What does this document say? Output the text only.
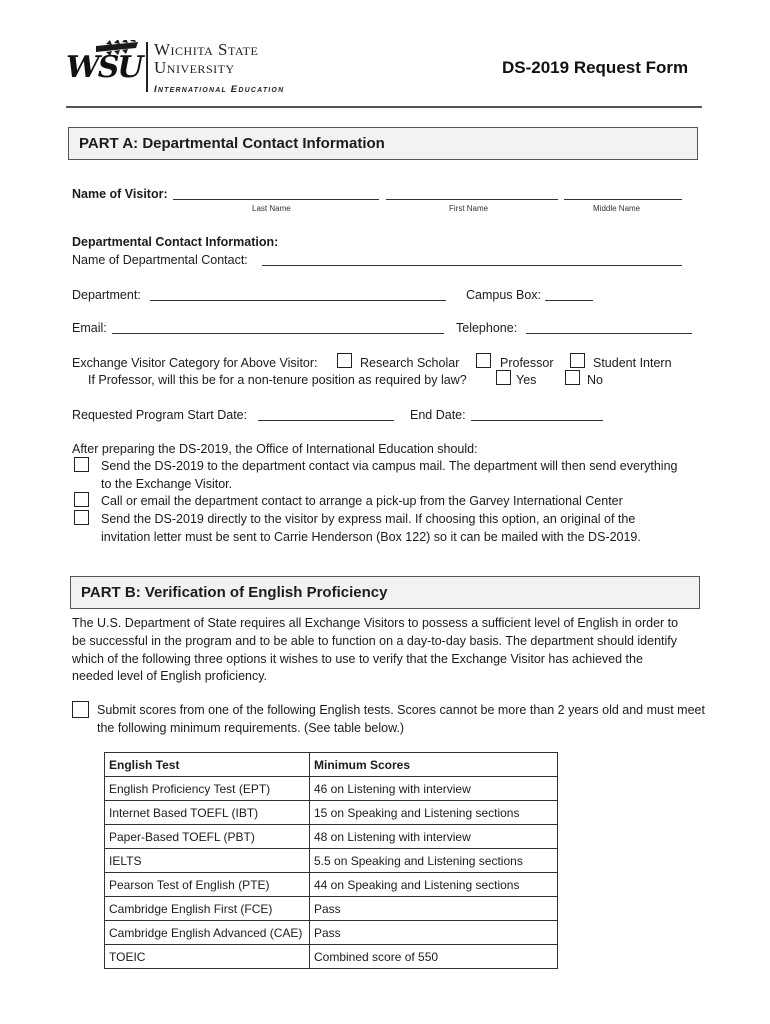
WSU
Wichita State
University
International Education
DS-2019 Request Form
PART A: Departmental Contact Information
Name of Visitor:
Last Name	First Name	Middle Name
Departmental Contact Information:
Name of Departmental Contact:
Department:	Campus Box:
Email:	Telephone:
Exchange Visitor Category for Above Visitor:	Research Scholar	Professor	Student Intern
If Professor, will this be for a non-tenure position as required by law?	Yes	No
Requested Program Start Date:	End Date:
After preparing the DS-2019, the Office of International Education should:
Send the DS-2019 to the department contact via campus mail. The department will then send everything
to the Exchange Visitor.
Call or email the department contact to arrange a pick-up from the Garvey International Center
Send the DS-2019 directly to the visitor by express mail. If choosing this option, an original of the
invitation letter must be sent to Carrie Henderson (Box 122) so it can be mailed with the DS-2019.
PART B: Verification of English Proficiency
The U.S. Department of State requires all Exchange Visitors to possess a sufficient level of English in order to
be successful in the program and to be able to function on a day-to-day basis. The department should identify
which of the following three options it wishes to use to verify that the Exchange Visitor has achieved the
needed level of English proficiency.
Submit scores from one of the following English tests. Scores cannot be more than 2 years old and must meet
the following minimum requirements. (See table below.)
English Test	Minimum Scores
English Proficiency Test (EPT)	46 on Listening with interview
Internet Based TOEFL (IBT)	15 on Speaking and Listening sections
Paper-Based TOEFL (PBT)	48 on Listening with interview
IELTS	5.5 on Speaking and Listening sections
Pearson Test of English (PTE)	44 on Speaking and Listening sections
Cambridge English First (FCE)	Pass
Cambridge English Advanced (CAE)	Pass
TOEIC	Combined score of 550
